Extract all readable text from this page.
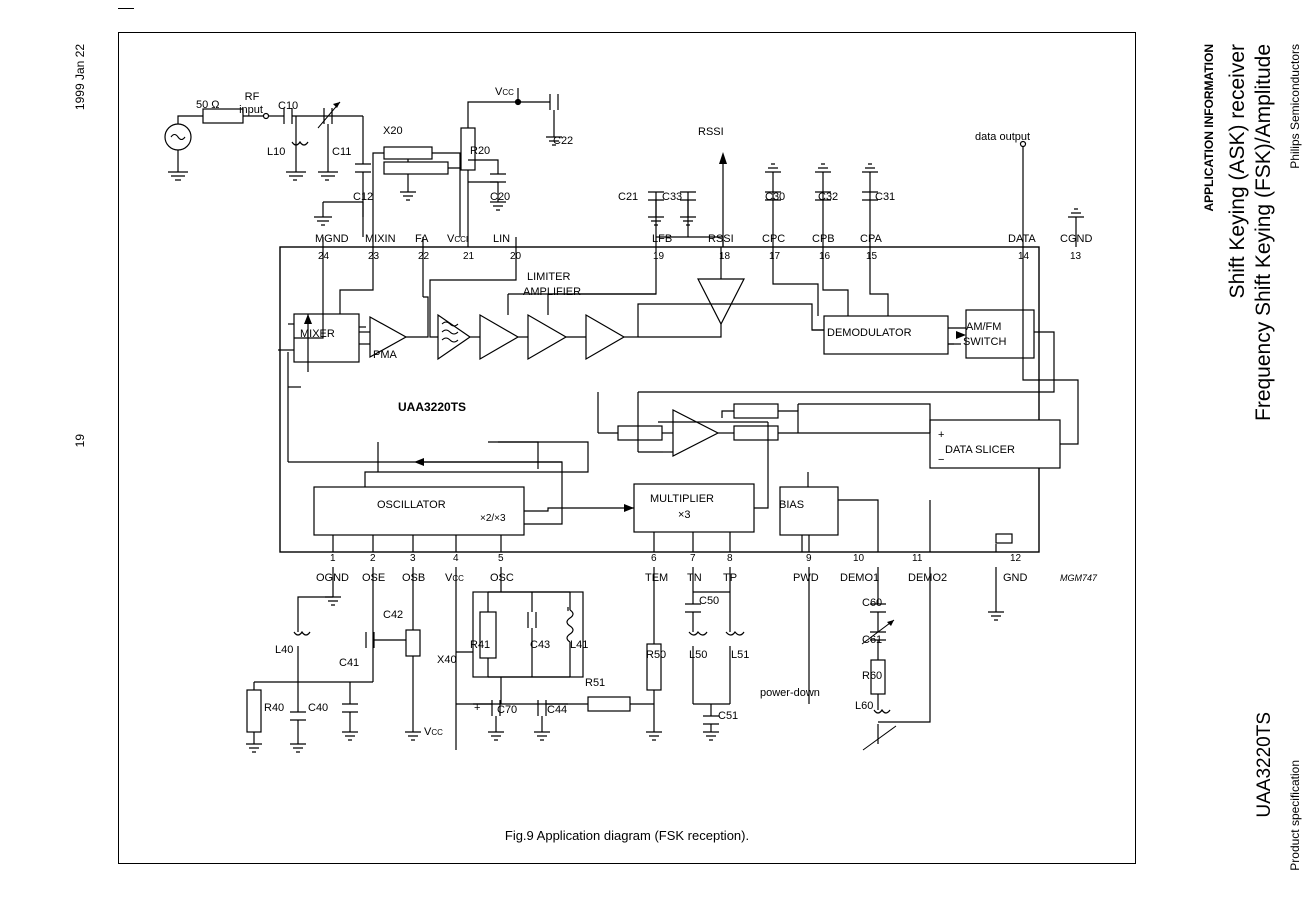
Philips Semiconductors
Product specification
Frequency Shift Keying (FSK)/Amplitude
Shift Keying (ASK) receiver
UAA3220TS
APPLICATION INFORMATION
1999 Jan 22
19
50 Ω
RF
input	C10
L10	C11
C12
X20
R20
C22
C20
VCC
RSSI	data output
C21 C33	C30	C32	C31
MGND MIXIN FA VCCI LIN	LFB	RSSI	CPC CPB CPA	DATA CGND
24	23	22	21	20	19	18	17	16	15	14	13
MIXER
PMA
LIMITER
AMPLIFIER
DEMODULATOR	AM/FM
SWITCH
DATA SLICER
+
−
OSCILLATOR
×2/×3
MULTIPLIER
×3
BIAS
UAA3220TS
1	2	3	4	5	6	7	8	9	10	11	12
OGND OSE OSB VCC OSC	TEM TN TP	PWD DEMO1	DEMO2	GND	MGM747
L40
C42
C41
C40
R40
X40
R41	C43 L41
C70	C44
R51
+
R50
C50
L50 L51
C51
C60
C61
R60
L60
power-down
VCC
Fig.9 Application diagram (FSK reception).
